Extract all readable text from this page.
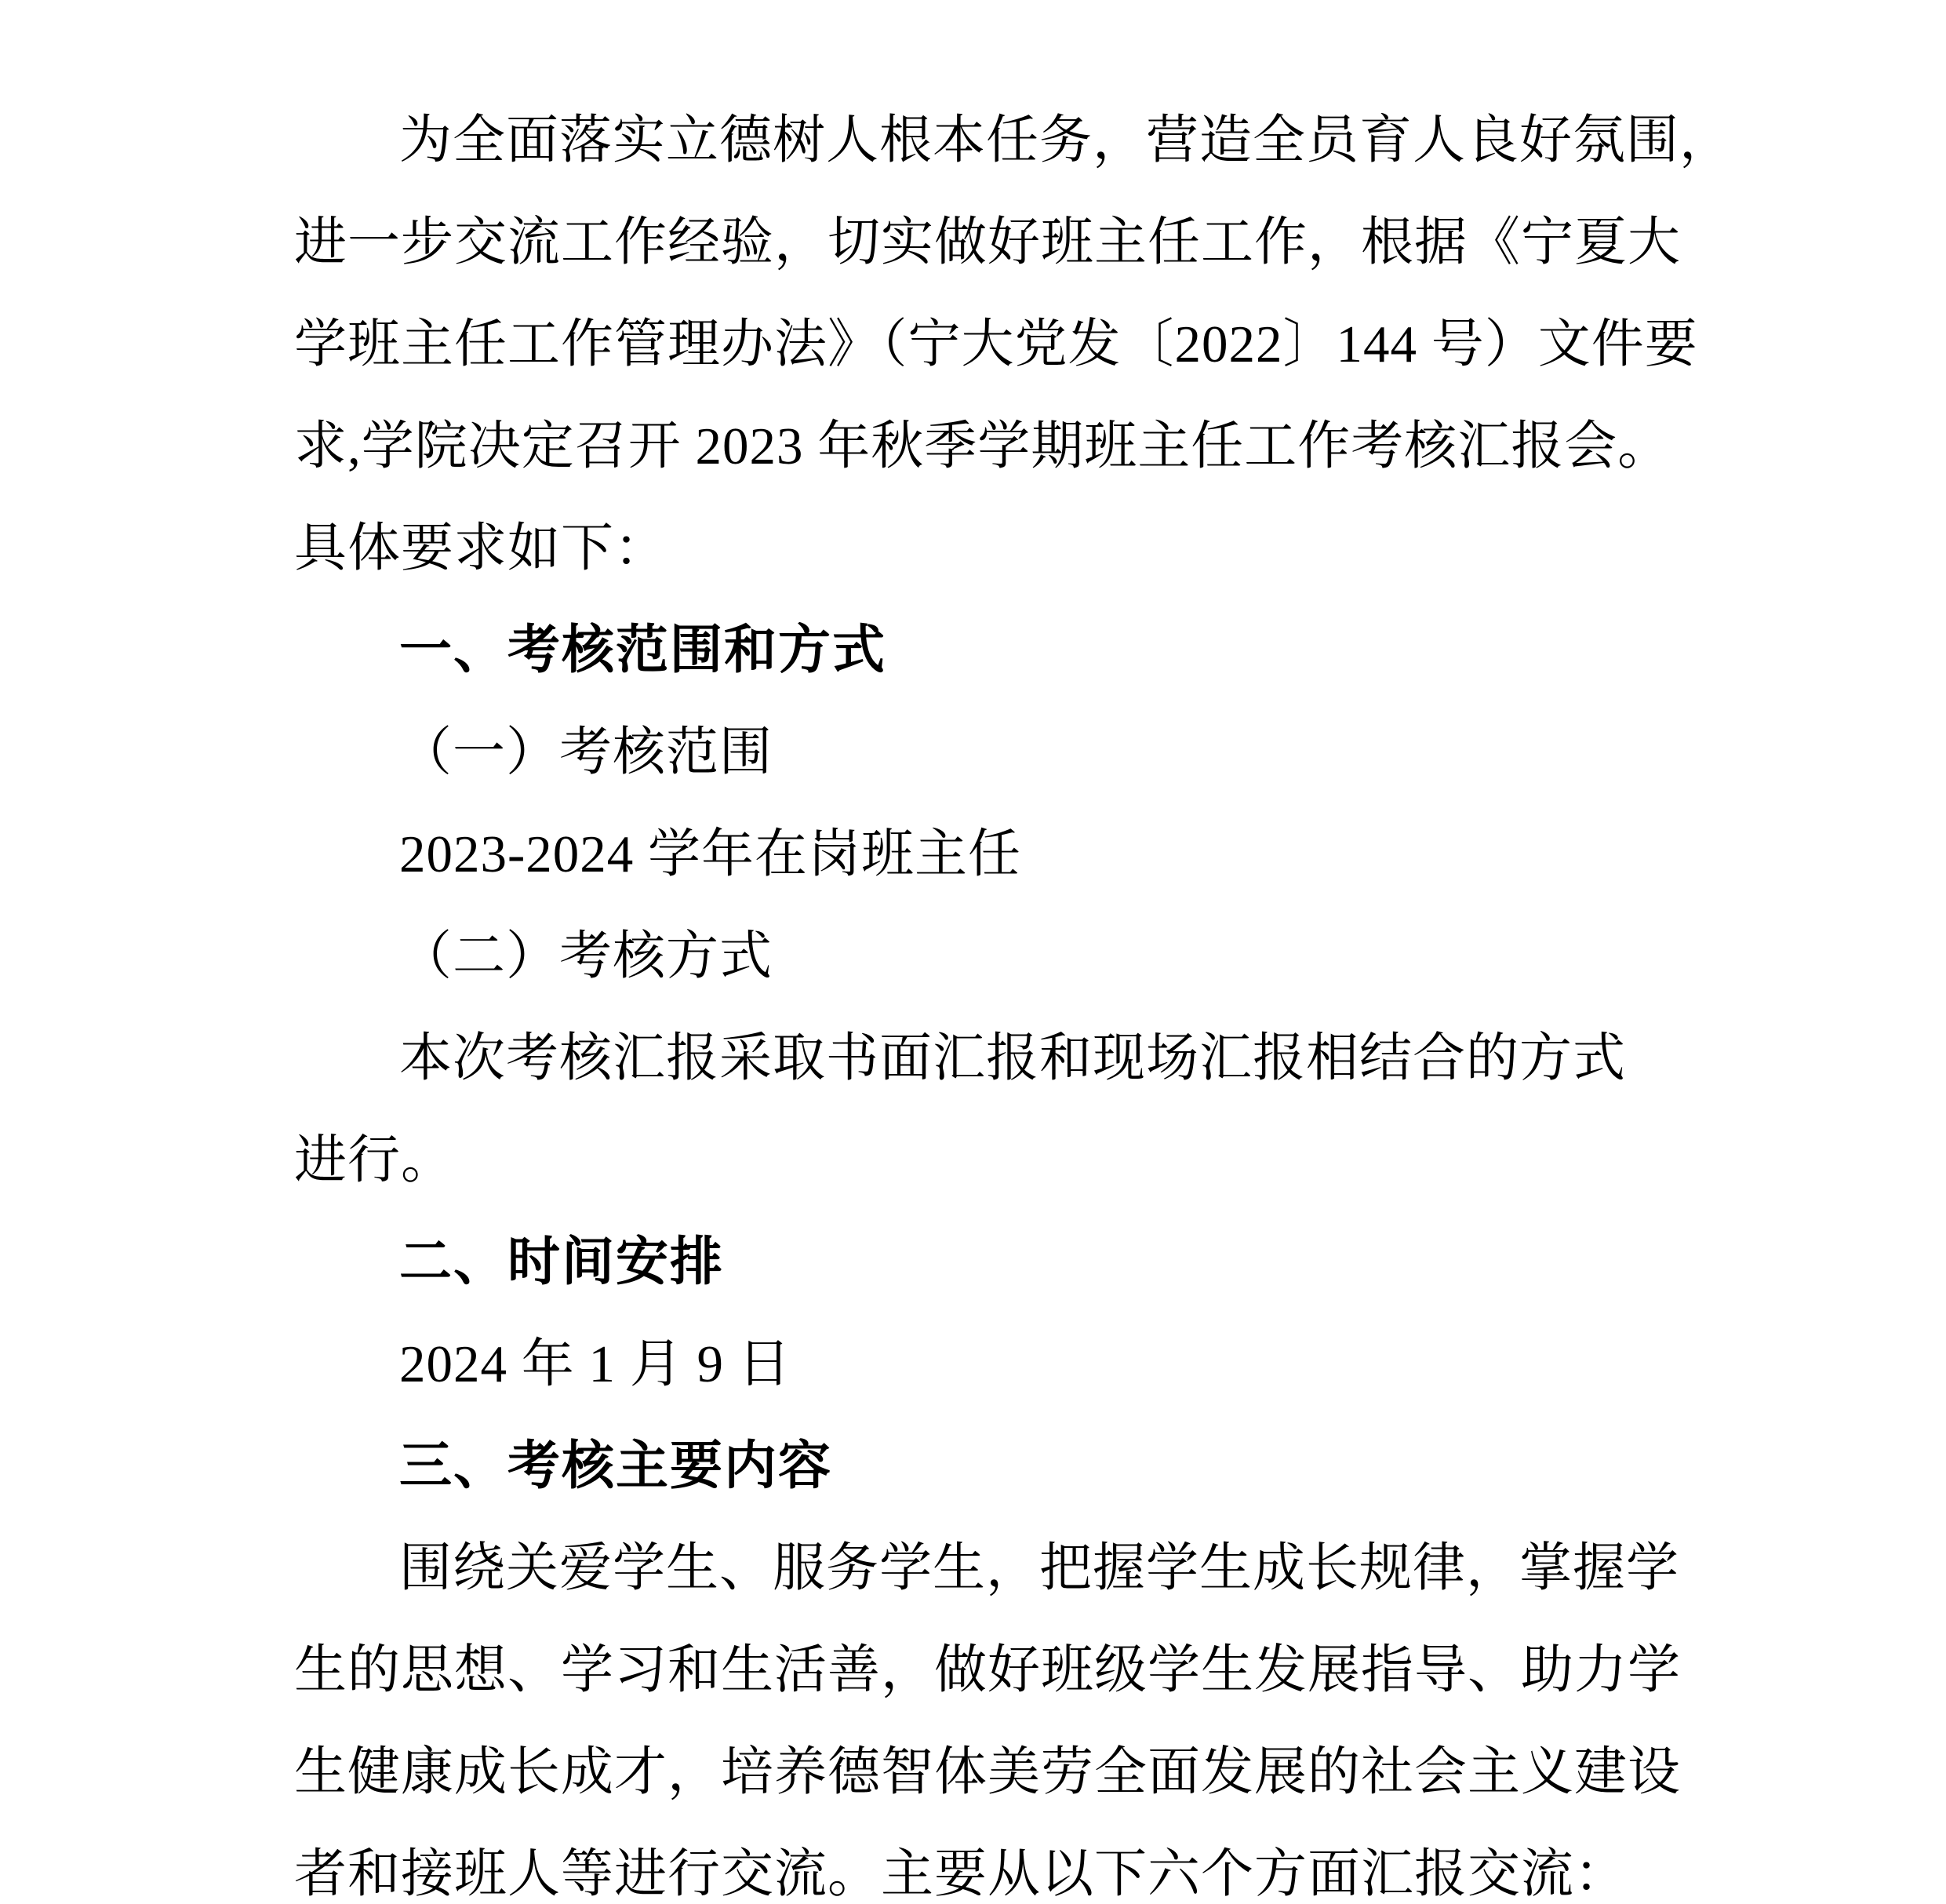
为全面落实立德树人根本任务，营造全员育人良好氛围，

进一步交流工作经验，切实做好班主任工作，根据《宁夏大

学班主任工作管理办法》（宁大党发〔2022〕144 号）文件要

求,学院决定召开 2023 年秋季学期班主任工作考核汇报会。

具体要求如下：

一、考核范围和方式

（一）考核范围

2023-2024 学年在岗班主任

（二）考核方式

本次考核汇报采取书面汇报和现场汇报相结合的方式

进行。

二、时间安排

2024 年 1 月 9 日

三、考核主要内容

围绕关爱学生、服务学生，把握学生成长规律，掌握学

生的思想、学习和生活善，做好班级学生发展指导、助力学

生健康成长成才，培养德智体美劳全面发展的社会主义建设

者和接班人等进行交流。主要从以下六个方面汇报交流：
